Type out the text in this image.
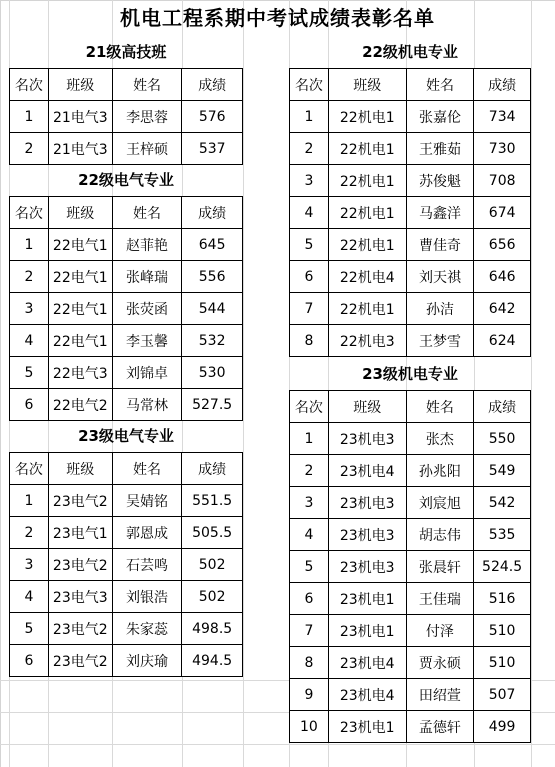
机电工程系期中考试成绩表彰名单
21级高技班
名次	班级	姓名	成绩
1	21电气3	李思蓉	576
2	21电气3	王梓硕	537
22级电气专业
名次	班级	姓名	成绩
1	22电气1	赵菲艳	645
2	22电气1	张峰瑞	556
3	22电气1	张荧函	544
4	22电气1	李玉馨	532
5	22电气3	刘锦卓	530
6	22电气2	马常林	527.5
23级电气专业
名次	班级	姓名	成绩
1	23电气2	吴婧铭	551.5
2	23电气1	郭恩成	505.5
3	23电气2	石芸鸣	502
4	23电气3	刘银浩	502
5	23电气2	朱家蕊	498.5
6	23电气2	刘庆瑜	494.5
22级机电专业
名次	班级	姓名	成绩
1	22机电1	张嘉伦	734
2	22机电1	王雅茹	730
3	22机电1	苏俊魁	708
4	22机电1	马鑫洋	674
5	22机电1	曹佳奇	656
6	22机电4	刘天祺	646
7	22机电1	孙洁	642
8	22机电3	王梦雪	624
23级机电专业
名次	班级	姓名	成绩
1	23机电3	张杰	550
2	23机电4	孙兆阳	549
3	23机电3	刘宸旭	542
4	23机电3	胡志伟	535
5	23机电3	张晨轩	524.5
6	23机电1	王佳瑞	516
7	23机电1	付泽	510
8	23机电4	贾永硕	510
9	23机电4	田绍萱	507
10	23机电1	孟德轩	499
